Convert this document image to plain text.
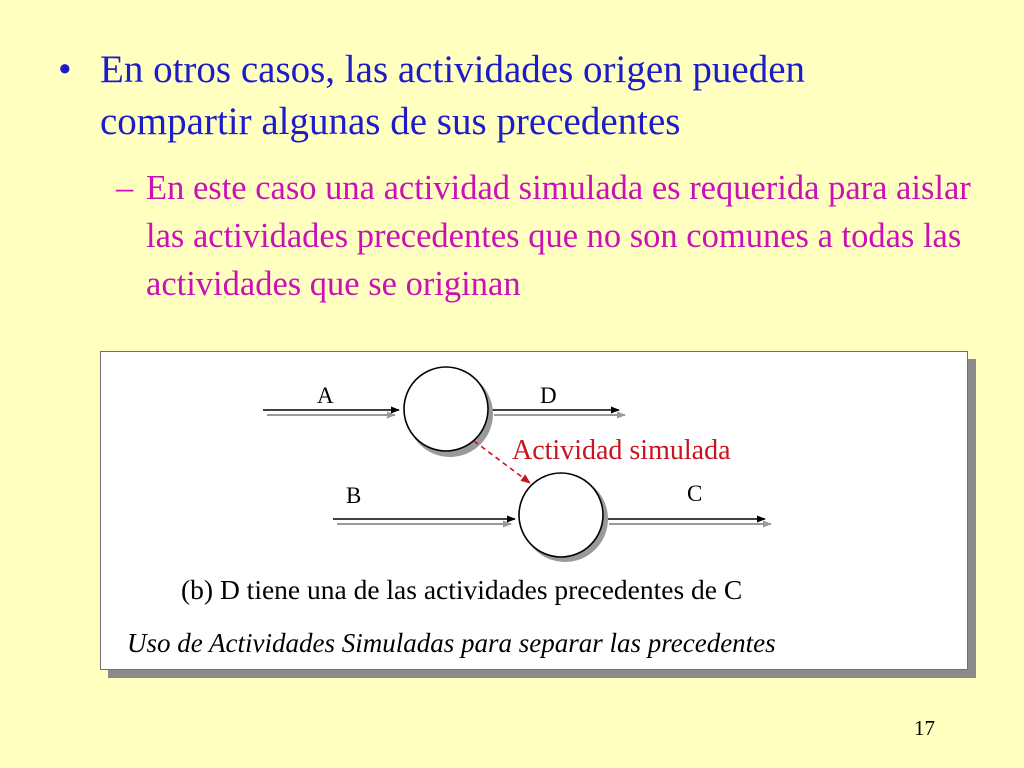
• En otros casos, las actividades origen pueden compartir algunas de sus precedentes
– En este caso una actividad simulada es requerida para aislar las actividades precedentes que no son comunes a todas las actividades que se originan
A	D
Actividad simulada
B	C
(b) D tiene una de las actividades precedentes de C
Uso de Actividades Simuladas para separar las precedentes
17
